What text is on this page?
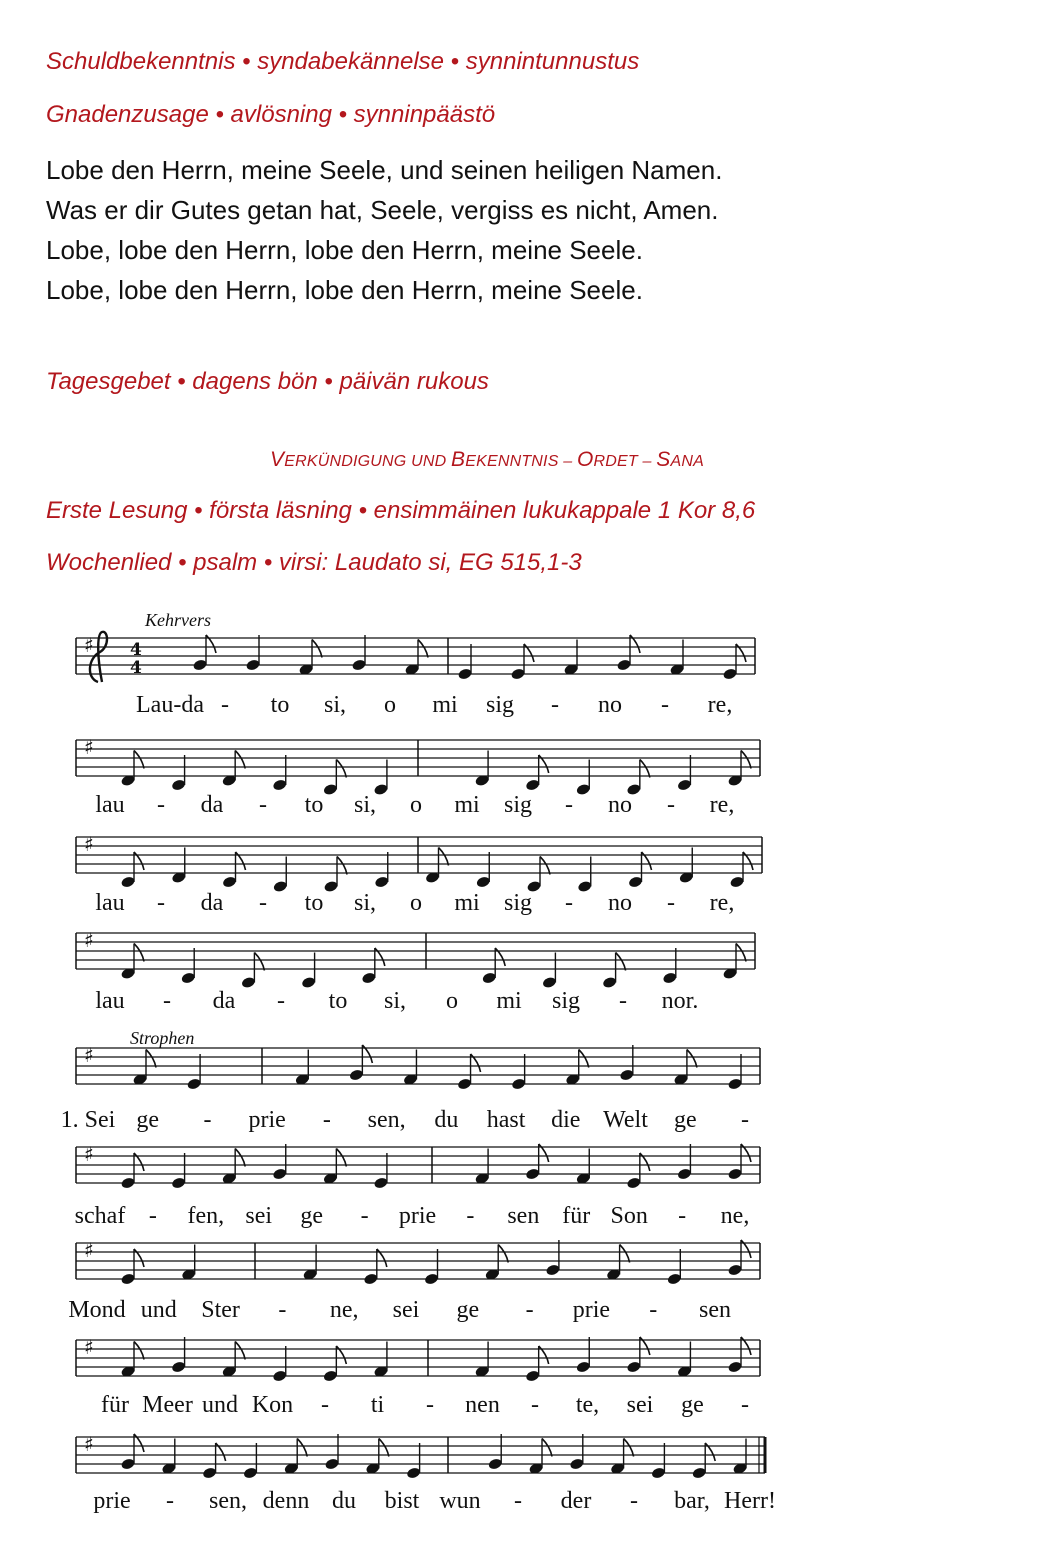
Schuldbekenntnis • syndabekännelse • synnintunnustus
Gnadenzusage • avlösning • synninpäästö
Lobe den Herrn, meine Seele, und seinen heiligen Namen.
Was er dir Gutes getan hat, Seele, vergiss es nicht, Amen.
Lobe, lobe den Herrn, lobe den Herrn, meine Seele.
Lobe, lobe den Herrn, lobe den Herrn, meine Seele.
Tagesgebet • dagens bön • päivän rukous
VERKÜNDIGUNG UND BEKENNTNIS – ORDET – SANA
Erste Lesung • första läsning • ensimmäinen lukukappale 1 Kor 8,6
Wochenlied • psalm • virsi: Laudato si, EG 515,1-3
Kehrvers
Strophen
♯ 4
4
Lau-da - to si, o mi sig - no - re,
♯
lau - da - to si, o mi sig - no - re,
♯
lau - da - to si, o mi sig - no - re,
♯
lau - da - to si, o mi sig - nor.
♯
1. Sei ge - prie - sen, du hast die Welt ge -
♯
schaf - fen, sei ge - prie - sen für Son - ne,
♯
Mond und Ster - ne, sei ge - prie - sen
♯
für Meer und Kon - ti - nen - te, sei ge -
♯
prie - sen, denn du bist wun - der - bar, Herr!
